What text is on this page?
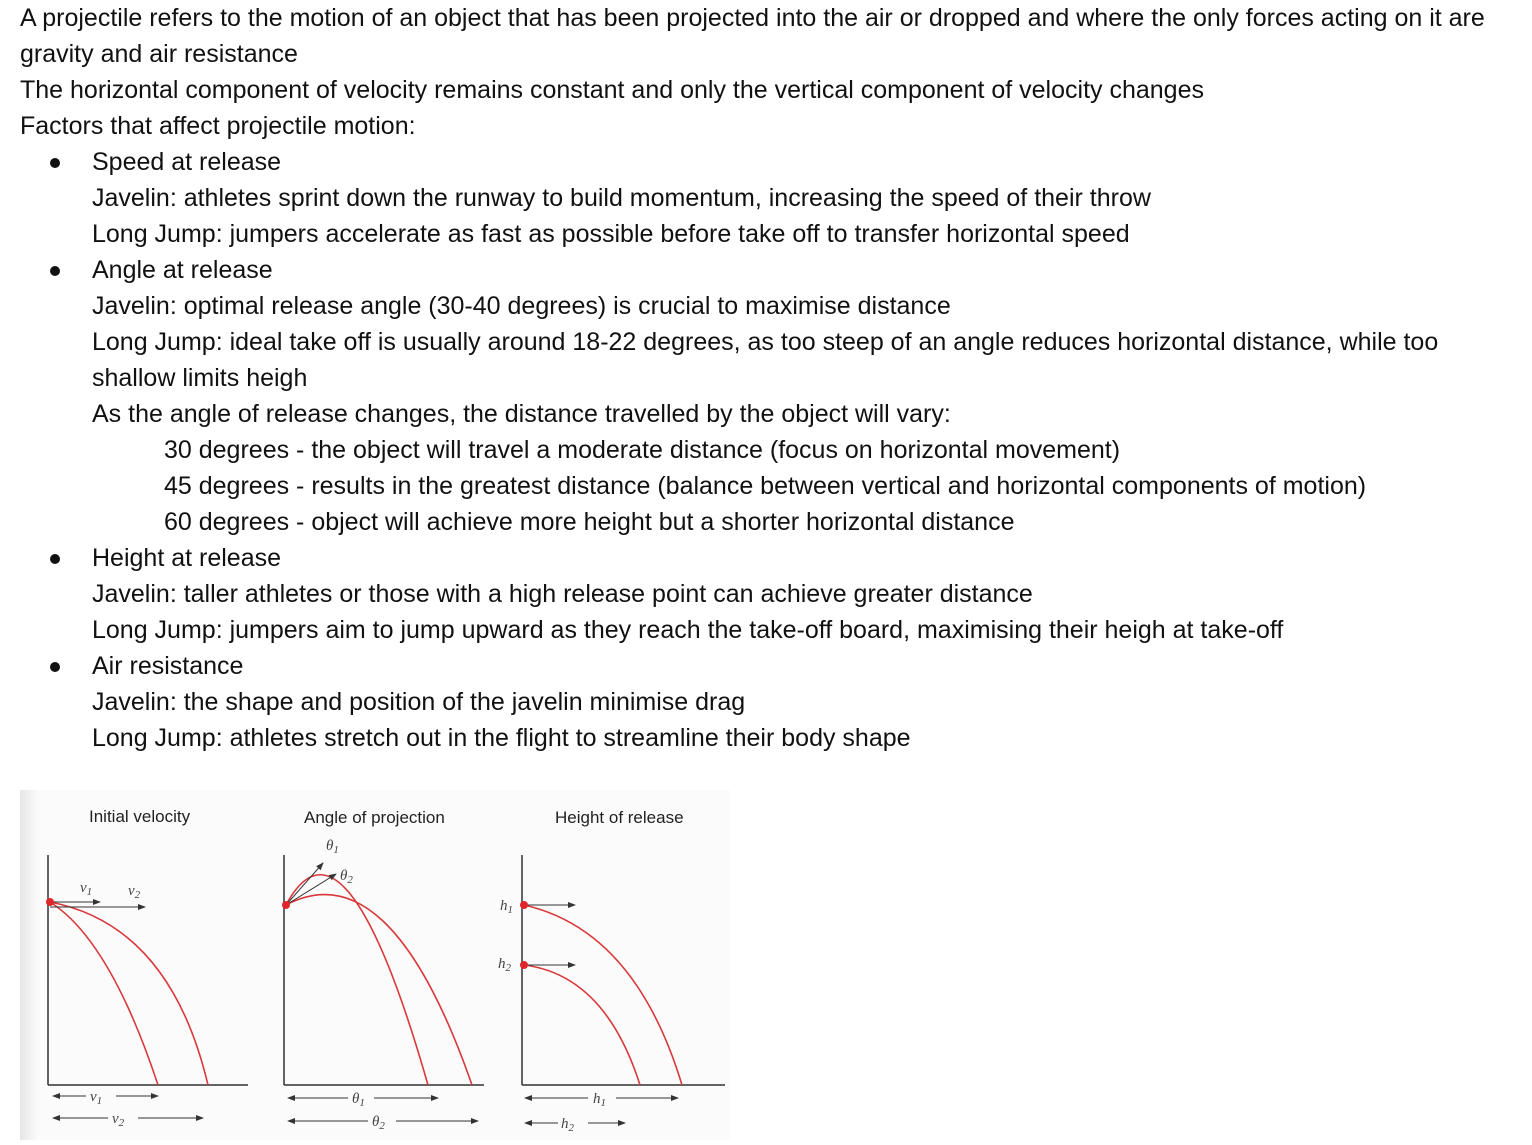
A projectile refers to the motion of an object that has been projected into the air or dropped and where the only forces acting on it are gravity and air resistance

The horizontal component of velocity remains constant and only the vertical component of velocity changes

Factors that affect projectile motion:

Speed at release
Javelin: athletes sprint down the runway to build momentum, increasing the speed of their throw
Long Jump: jumpers accelerate as fast as possible before take off to transfer horizontal speed
Angle at release
Javelin: optimal release angle (30-40 degrees) is crucial to maximise distance
Long Jump: ideal take off is usually around 18-22 degrees, as too steep of an angle reduces horizontal distance, while too shallow limits heigh
As the angle of release changes, the distance travelled by the object will vary:
30 degrees - the object will travel a moderate distance (focus on horizontal movement)
45 degrees - results in the greatest distance (balance between vertical and horizontal components of motion)
60 degrees - object will achieve more height but a shorter horizontal distance
Height at release
Javelin: taller athletes or those with a high release point can achieve greater distance
Long Jump: jumpers aim to jump upward as they reach the take-off board, maximising their heigh at take-off
Air resistance
Javelin: the shape and position of the javelin minimise drag
Long Jump: athletes stretch out in the flight to streamline their body shape
Initial velocity
$v_1$ $v_2$
$v_1$
$v_2$
Angle of projection
$\theta_1$
$\theta_2$
$\theta_1$
$\theta_2$
Height of release
$h_1$
$h_2$
$h_1$
$h_2$
